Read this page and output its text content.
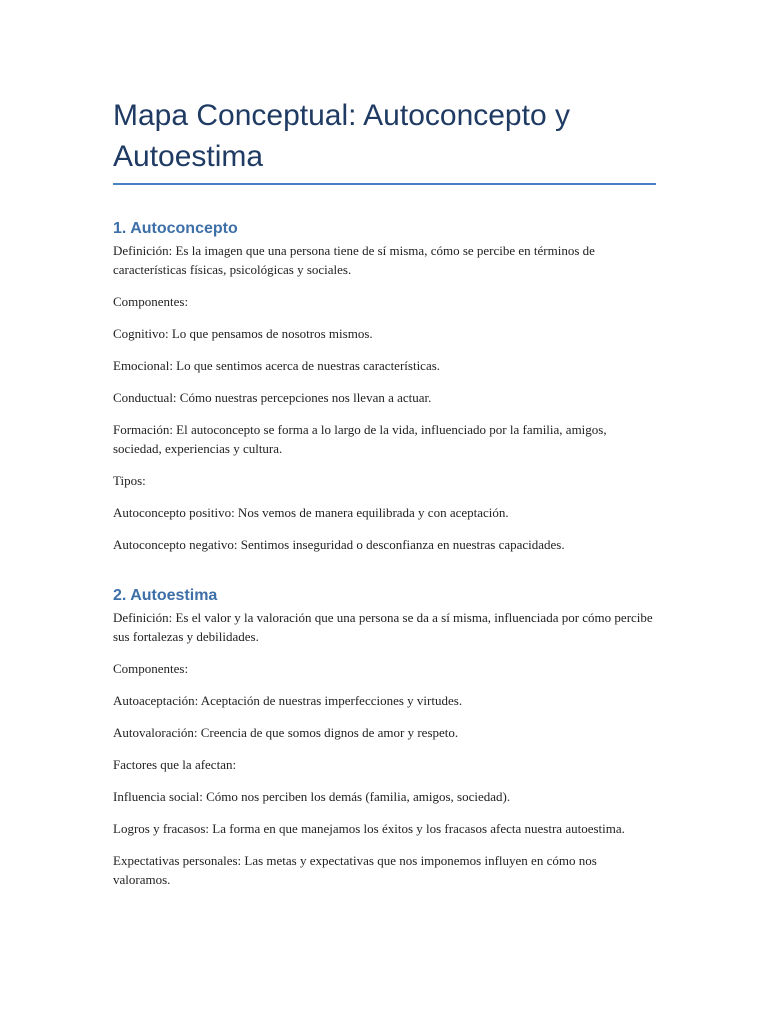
Mapa Conceptual: Autoconcepto y Autoestima
1. Autoconcepto

Definición: Es la imagen que una persona tiene de sí misma, cómo se percibe en términos de características físicas, psicológicas y sociales.

Componentes:

Cognitivo: Lo que pensamos de nosotros mismos.

Emocional: Lo que sentimos acerca de nuestras características.

Conductual: Cómo nuestras percepciones nos llevan a actuar.

Formación: El autoconcepto se forma a lo largo de la vida, influenciado por la familia, amigos, sociedad, experiencias y cultura.

Tipos:

Autoconcepto positivo: Nos vemos de manera equilibrada y con aceptación.

Autoconcepto negativo: Sentimos inseguridad o desconfianza en nuestras capacidades.

2. Autoestima

Definición: Es el valor y la valoración que una persona se da a sí misma, influenciada por cómo percibe sus fortalezas y debilidades.

Componentes:

Autoaceptación: Aceptación de nuestras imperfecciones y virtudes.

Autovaloración: Creencia de que somos dignos de amor y respeto.

Factores que la afectan:

Influencia social: Cómo nos perciben los demás (familia, amigos, sociedad).

Logros y fracasos: La forma en que manejamos los éxitos y los fracasos afecta nuestra autoestima.

Expectativas personales: Las metas y expectativas que nos imponemos influyen en cómo nos valoramos.
